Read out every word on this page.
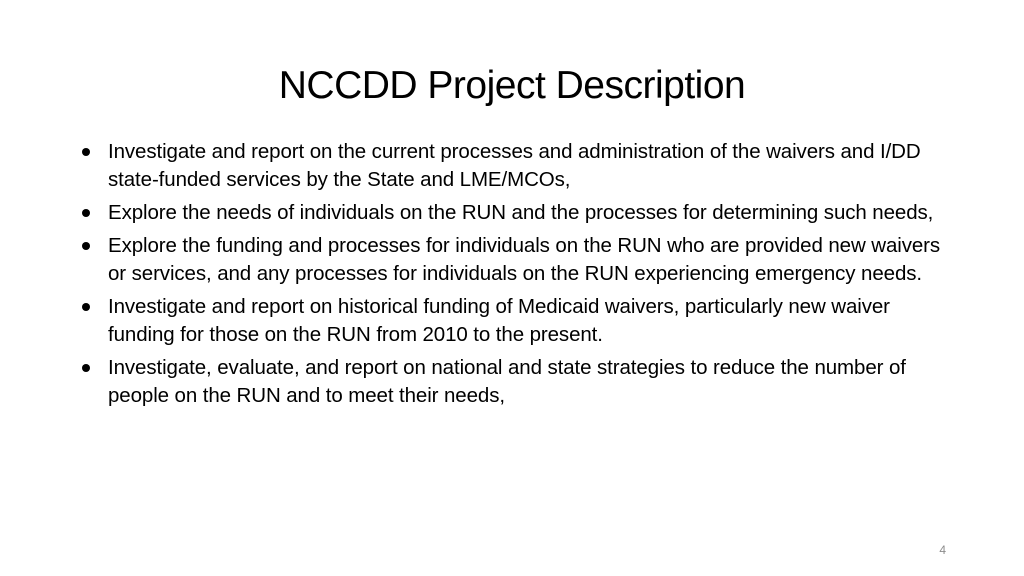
NCCDD Project Description
Investigate and report on the current processes and administration of the waivers and I/DD state-funded services by the State and LME/MCOs,
Explore the needs of individuals on the RUN and the processes for determining such needs,
Explore the funding and processes for individuals on the RUN who are provided new waivers or services, and any processes for individuals on the RUN experiencing emergency needs.
Investigate and report on historical funding of Medicaid waivers, particularly new waiver funding for those on the RUN from 2010 to the present.
Investigate, evaluate, and report on national and state strategies to reduce the number of people on the RUN and to meet their needs,
4
